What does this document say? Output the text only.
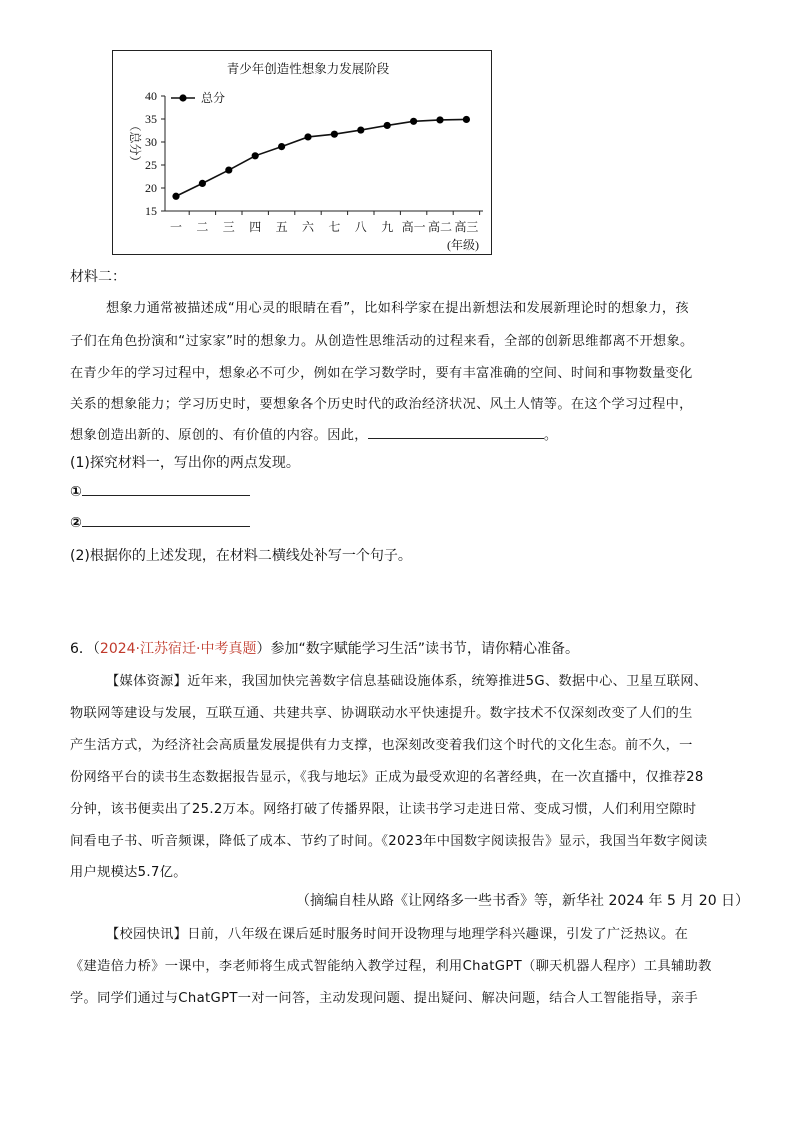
青少年创造性想象力发展阶段
15
20
25
30
35
40
（总分）
一 二 三 四 五 六 七 八 九 高一 高二 高三
(年级)
总分
材料二：
想象力通常被描述成“用心灵的眼睛在看”，比如科学家在提出新想法和发展新理论时的想象力，孩
子们在角色扮演和“过家家”时的想象力。从创造性思维活动的过程来看，全部的创新思维都离不开想象。
在青少年的学习过程中，想象必不可少，例如在学习数学时，要有丰富准确的空间、时间和事物数量变化
关系的想象能力；学习历史时，要想象各个历史时代的政治经济状况、风土人情等。在这个学习过程中，
想象创造出新的、原创的、有价值的内容。因此，	。
(1)探究材料一，写出你的两点发现。
①
②
(2)根据你的上述发现，在材料二横线处补写一个句子。
6．（2024·江苏宿迁·中考真题）参加“数字赋能学习生活”读书节，请你精心准备。
【媒体资源】近年来，我国加快完善数字信息基础设施体系，统筹推进5G、数据中心、卫星互联网、
物联网等建设与发展，互联互通、共建共享、协调联动水平快速提升。数字技术不仅深刻改变了人们的生
产生活方式，为经济社会高质量发展提供有力支撑，也深刻改变着我们这个时代的文化生态。前不久，一
份网络平台的读书生态数据报告显示，《我与地坛》正成为最受欢迎的名著经典，在一次直播中，仅推荐28
分钟，该书便卖出了25.2万本。网络打破了传播界限，让读书学习走进日常、变成习惯，人们利用空隙时
间看电子书、听音频课，降低了成本、节约了时间。《2023年中国数字阅读报告》显示，我国当年数字阅读
用户规模达5.7亿。
（摘编自桂从路《让网络多一些书香》等，新华社 2024 年 5 月 20 日）
【校园快讯】日前，八年级在课后延时服务时间开设物理与地理学科兴趣课，引发了广泛热议。在
《建造倍力桥》一课中，李老师将生成式智能纳入教学过程，利用ChatGPT（聊天机器人程序）工具辅助教
学。同学们通过与ChatGPT一对一问答，主动发现问题、提出疑问、解决问题，结合人工智能指导，亲手
